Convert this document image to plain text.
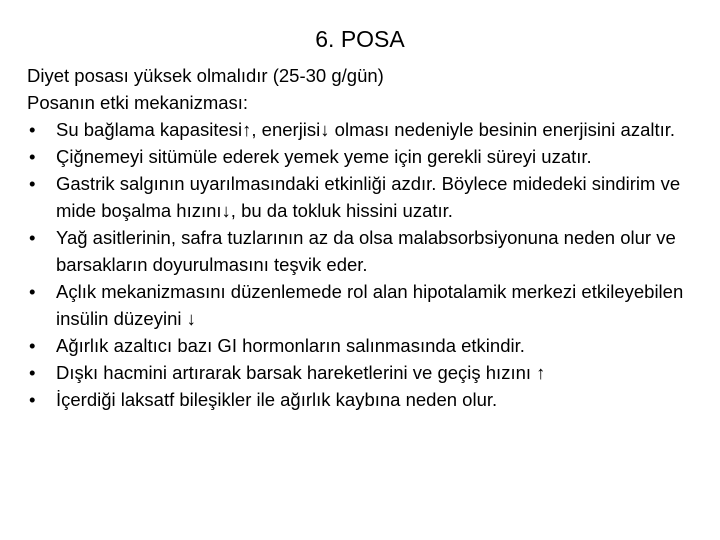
6. POSA

Diyet posası yüksek olmalıdır (25-30 g/gün)

Posanın etki mekanizması:

•
Su bağlama kapasitesi↑, enerjisi↓ olması nedeniyle besinin enerjisini azaltır.
•
Çiğnemeyi sitümüle ederek yemek yeme için gerekli süreyi uzatır.
•
Gastrik salgının uyarılmasındaki etkinliği azdır. Böylece midedeki sindirim ve mide boşalma hızını↓, bu da tokluk hissini uzatır.
•
Yağ asitlerinin, safra tuzlarının az da olsa malabsorbsiyonuna neden olur ve barsakların doyurulmasını teşvik eder.
•
Açlık mekanizmasını düzenlemede rol alan hipotalamik merkezi etkileyebilen insülin düzeyini ↓
•
Ağırlık azaltıcı bazı GI hormonların salınmasında etkindir.
•
Dışkı hacmini artırarak barsak hareketlerini ve geçiş hızını ↑
•
İçerdiği laksatf bileşikler ile ağırlık kaybına neden olur.
